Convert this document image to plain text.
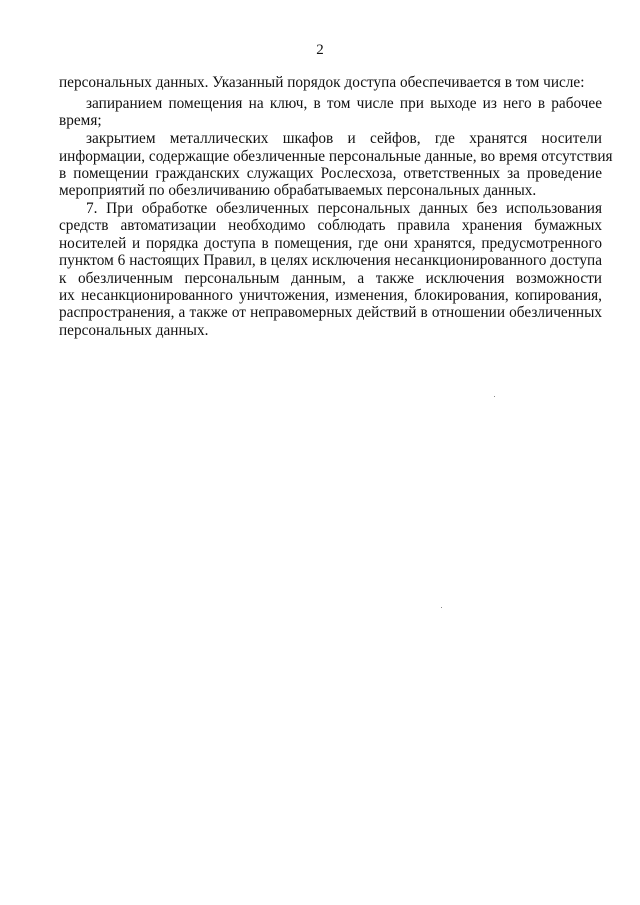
2
персональных данных. Указанный порядок доступа обеспечивается в том числе:
запиранием помещения на ключ, в том числе при выходе из него в рабочее
время;
закрытием металлических шкафов и сейфов, где хранятся носители
информации, содержащие обезличенные персональные данные, во время отсутствия
в помещении гражданских служащих Рослесхоза, ответственных за проведение
мероприятий по обезличиванию обрабатываемых персональных данных.
7. При обработке обезличенных персональных данных без использования
средств автоматизации необходимо соблюдать правила хранения бумажных
носителей и порядка доступа в помещения, где они хранятся, предусмотренного
пунктом 6 настоящих Правил, в целях исключения несанкционированного доступа
к обезличенным персональным данным, а также исключения возможности
их несанкционированного уничтожения, изменения, блокирования, копирования,
распространения, а также от неправомерных действий в отношении обезличенных
персональных данных.
